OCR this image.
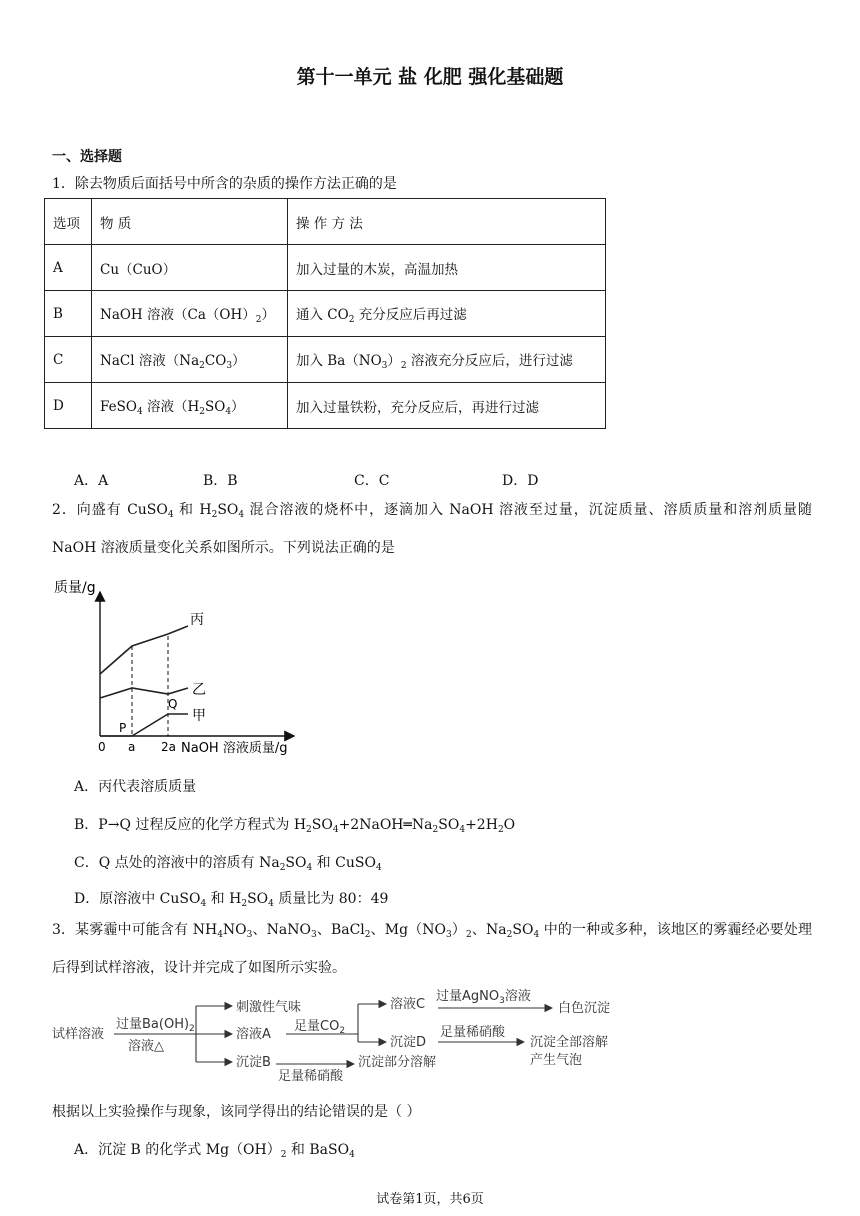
第十一单元 盐 化肥 强化基础题
一、选择题
1．除去物质后面括号中所含的杂质的操作方法正确的是
选项	物 质	操 作 方 法
A	Cu（CuO）	加入过量的木炭，高温加热
B	NaOH 溶液$(Ca(OH)_2)$	通入 $CO_2$ 充分反应后再过滤
C	NaCl 溶液$(Na_2CO_3)$	加入 $Ba(NO_3)_2$ 溶液充分反应后，进行过滤
D	FeSO$_4$ 溶液$(H_2SO_4)$	加入过量铁粉，充分反应后，再进行过滤
A．A	B．B	C．C	D．D
2．向盛有 CuSO$_4$ 和 $H_2SO_4$ 混合溶液的烧杯中，逐滴加入 NaOH 溶液至过量，沉淀质量、溶质质量和溶剂质量随 NaOH 溶液质量变化关系如图所示。下列说法正确的是
质量/g
NaOH 溶液质量/g
0 a 2a
丙
乙
甲
P
Q
A．丙代表溶质质量
B．P→Q 过程反应的化学方程式为 $H_2SO_4+2NaOH═Na_2SO_4+2H_2O$
C．Q 点处的溶液中的溶质有 $Na_2SO_4$ 和 CuSO$_4$
D．原溶液中 CuSO$_4$ 和 $H_2SO_4$ 质量比为 80：49
3．某雾霾中可能含有 $NH_4NO_3$、NaNO$_3$、BaCl$_2$、$Mg(NO_3)_2$、$Na_2SO_4$ 中的一种或多种，该地区的雾霾经必要处理后得到试样溶液，设计并完成了如图所示实验。
试样溶液
过量$Ba(OH)_2$
溶液△
刺激性气味
溶液A
足量$CO_2$
沉淀B
足量稀硝酸
沉淀部分溶解
溶液C
过量AgNO$_3$溶液
白色沉淀
沉淀D
足量稀硝酸
沉淀全部溶解
产生气泡
根据以上实验操作与现象，该同学得出的结论错误的是（ ）
A．沉淀 B 的化学式 $Mg(OH)_2$ 和 BaSO$_4$
试卷第1页，共6页
